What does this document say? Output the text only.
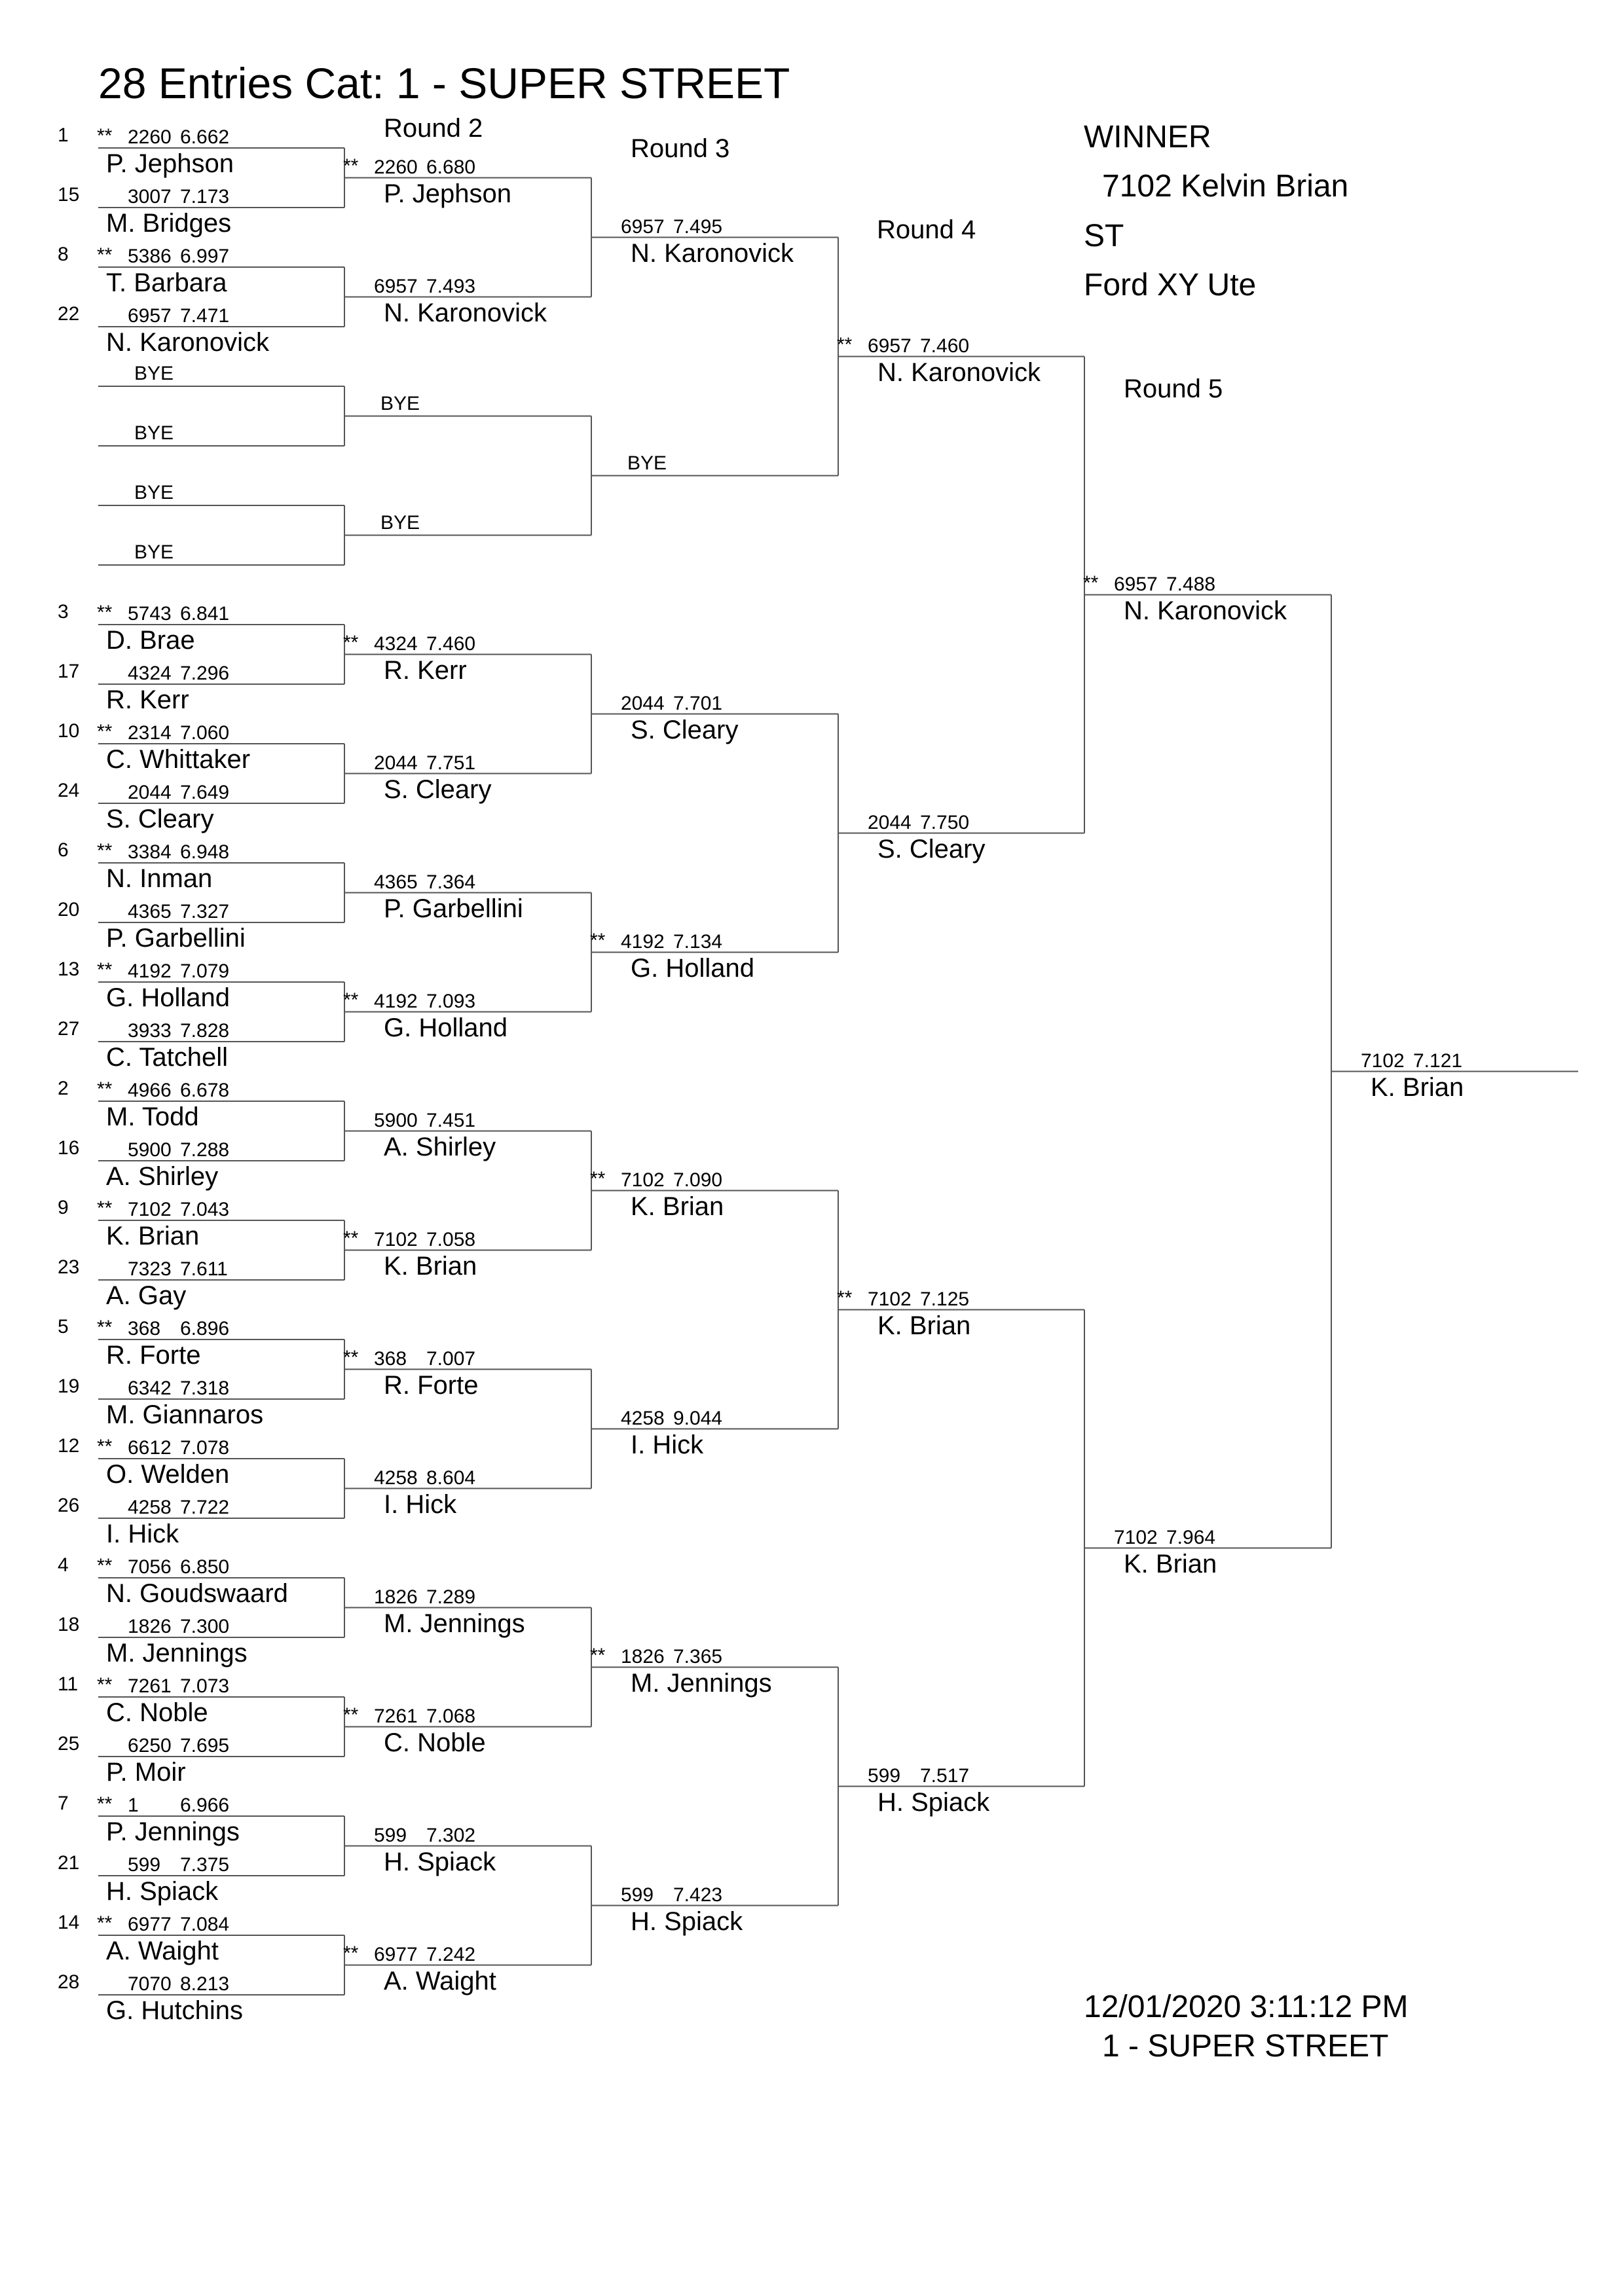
28 Entries Cat: 1 - SUPER STREET
Round 2
Round 3
Round 4
Round 5
WINNER
7102 Kelvin Brian
ST
Ford XY Ute
12/01/2020 3:11:12 PM
1 - SUPER STREET
1 ** 2260 6.662
P. Jephson
15 3007 7.173
M. Bridges
8 ** 5386 6.997
T. Barbara
22 6957 7.471
N. Karonovick
BYE
BYE
BYE
BYE
3 ** 5743 6.841
D. Brae
17 4324 7.296
R. Kerr
10 ** 2314 7.060
C. Whittaker
24 2044 7.649
S. Cleary
6 ** 3384 6.948
N. Inman
20 4365 7.327
P. Garbellini
13 ** 4192 7.079
G. Holland
27 3933 7.828
C. Tatchell
2 ** 4966 6.678
M. Todd
16 5900 7.288
A. Shirley
9 ** 7102 7.043
K. Brian
23 7323 7.611
A. Gay
5 ** 368 6.896
R. Forte
19 6342 7.318
M. Giannaros
12 ** 6612 7.078
O. Welden
26 4258 7.722
I. Hick
4 ** 7056 6.850
N. Goudswaard
18 1826 7.300
M. Jennings
11 ** 7261 7.073
C. Noble
25 6250 7.695
P. Moir
7 ** 1 6.966
P. Jennings
21 599 7.375
H. Spiack
14 ** 6977 7.084
A. Waight
28 7070 8.213
G. Hutchins
** 2260 6.680
P. Jephson
6957 7.493
N. Karonovick
BYE
BYE
** 4324 7.460
R. Kerr
2044 7.751
S. Cleary
4365 7.364
P. Garbellini
** 4192 7.093
G. Holland
5900 7.451
A. Shirley
** 7102 7.058
K. Brian
** 368 7.007
R. Forte
4258 8.604
I. Hick
1826 7.289
M. Jennings
** 7261 7.068
C. Noble
599 7.302
H. Spiack
** 6977 7.242
A. Waight
6957 7.495
N. Karonovick
BYE
2044 7.701
S. Cleary
** 4192 7.134
G. Holland
** 7102 7.090
K. Brian
4258 9.044
I. Hick
** 1826 7.365
M. Jennings
599 7.423
H. Spiack
** 6957 7.460
N. Karonovick
2044 7.750
S. Cleary
** 7102 7.125
K. Brian
599 7.517
H. Spiack
** 6957 7.488
N. Karonovick
7102 7.964
K. Brian
7102 7.121
K. Brian
